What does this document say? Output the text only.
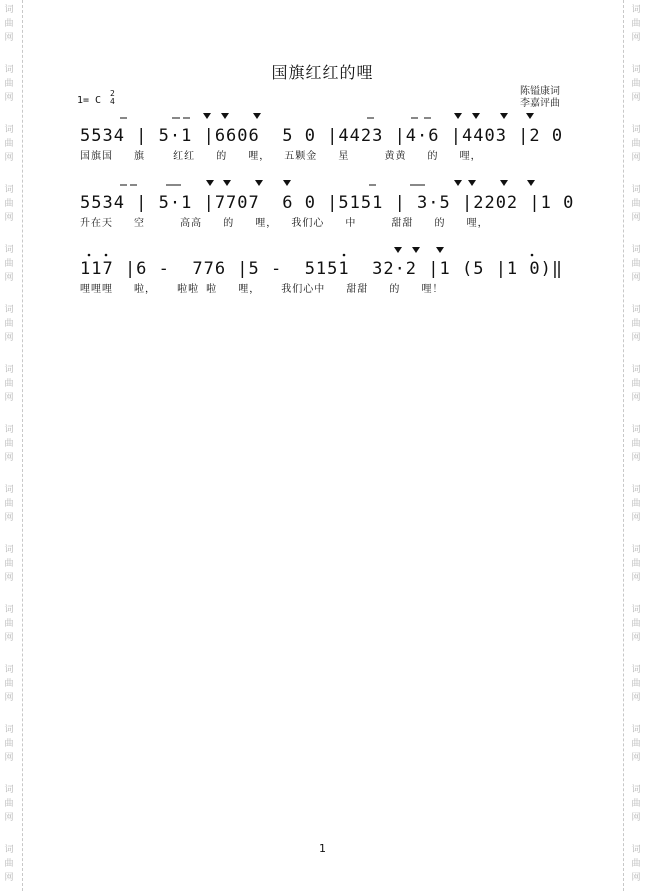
词
曲
网
词
曲
网
词
曲
网
词
曲
网
词
曲
网
词
曲
网
词
曲
网
词
曲
网
词
曲
网
词
曲
网
词
曲
网
词
曲
网
词
曲
网
词
曲
网
词
曲
网
词
曲
网
词
曲
网
词
曲
网
词
曲
网
词
曲
网
词
曲
网
词
曲
网
词
曲
网
词
曲
网
词
曲
网
词
曲
网
词
曲
网
词
曲
网
词
曲
网
词
曲
网
国旗红红的哩
陈镒康词
李嘉评曲
1= C
2
4
5534 | 5·1 |6606  5 0 |4423 |4·6 |4403 |2 0
国旗国   旗    红红   的   哩，  五颗金   星     黄黄   的   哩，
5534 | 5·1 |7707  6 0 |5151 | 3·5 |2202 |1 0
升在天   空     高高   的   哩，  我们心   中     甜甜   的   哩，
117 |6 -  776 |5 -  5151  32·2 |1 (5 |1 0)‖
哩哩哩   啦，   啦啦 啦   哩，   我们心中   甜甜   的   哩！
1
